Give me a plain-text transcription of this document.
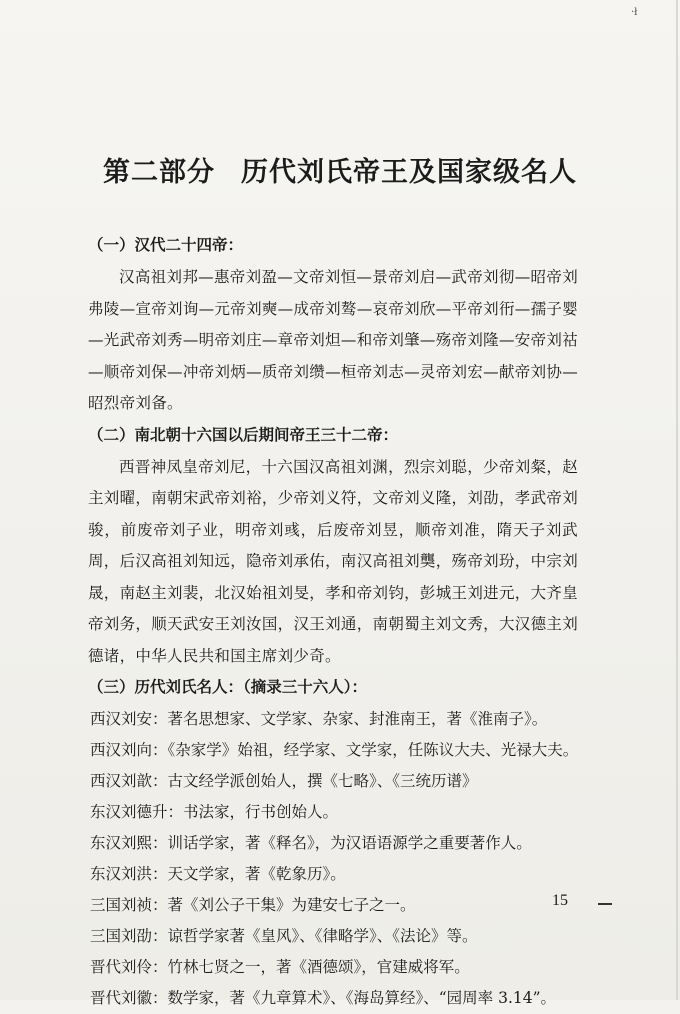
·ł
第二部分 历代刘氏帝王及国家级名人
（一）汉代二十四帝：

汉高祖刘邦—惠帝刘盈—文帝刘恒—景帝刘启—武帝刘彻—昭帝刘弗陵—宣帝刘询—元帝刘奭—成帝刘骜—哀帝刘欣—平帝刘衎—孺子婴—光武帝刘秀—明帝刘庄—章帝刘炟—和帝刘肇—殇帝刘隆—安帝刘祜—顺帝刘保—冲帝刘炳—质帝刘缵—桓帝刘志—灵帝刘宏—献帝刘协—昭烈帝刘备。

（二）南北朝十六国以后期间帝王三十二帝：

西晋神凤皇帝刘尼，十六国汉高祖刘渊，烈宗刘聪，少帝刘粲，赵主刘曜，南朝宋武帝刘裕，少帝刘义符，文帝刘义隆，刘劭，孝武帝刘骏，前废帝刘子业，明帝刘彧，后废帝刘昱，顺帝刘准，隋天子刘武周，后汉高祖刘知远，隐帝刘承佑，南汉高祖刘龑，殇帝刘玢，中宗刘晟，南赵主刘裴，北汉始祖刘旻，孝和帝刘钧，彭城王刘进元，大齐皇帝刘务，顺天武安王刘汝国，汉王刘通，南朝蜀主刘文秀，大汉德主刘德诸，中华人民共和国主席刘少奇。

（三）历代刘氏名人：（摘录三十六人）：
西汉刘安：著名思想家、文学家、杂家、封淮南王，著《淮南子》。
西汉刘向：《杂家学》始祖，经学家、文学家，任陈议大夫、光禄大夫。
西汉刘歆：古文经学派创始人，撰《七略》、《三统历谱》
东汉刘德升：书法家，行书创始人。
东汉刘熙：训话学家，著《释名》，为汉语语源学之重要著作人。
东汉刘洪：天文学家，著《乾象历》。
三国刘祯：著《刘公子干集》为建安七子之一。
三国刘劭：谅哲学家著《皇风》、《律略学》、《法论》等。
晋代刘伶：竹林七贤之一，著《酒德颂》，官建威将军。
晋代刘徽：数学家，著《九章算术》、《海岛算经》、“园周率 3.14”。
15
